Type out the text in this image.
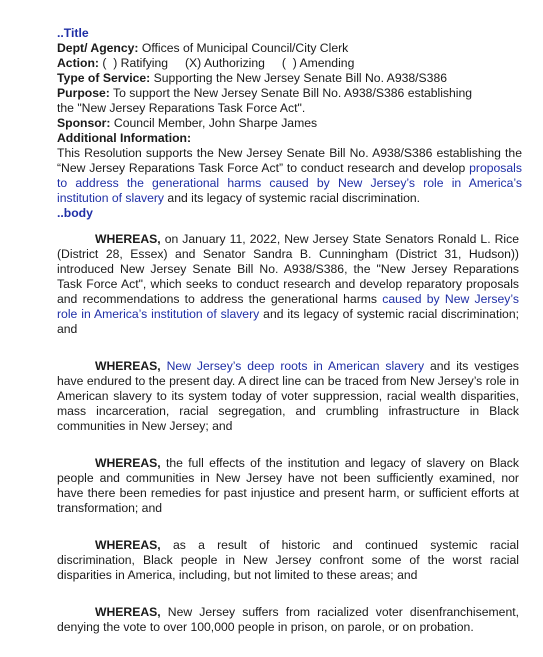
..Title
Dept/ Agency: Offices of Municipal Council/City Clerk
Action: (  ) Ratifying     (X) Authorizing     (  ) Amending
Type of Service: Supporting the New Jersey Senate Bill No. A938/S386
Purpose: To support the New Jersey Senate Bill No. A938/S386 establishing
the "New Jersey Reparations Task Force Act".
Sponsor: Council Member, John Sharpe James
Additional Information:

This Resolution supports the New Jersey Senate Bill No. A938/S386 establishing the “New Jersey Reparations Task Force Act” to conduct research and develop proposals to address the generational harms caused by New Jersey’s role in America’s institution of slavery and its legacy of systemic racial discrimination.

..body

WHEREAS, on January 11, 2022, New Jersey State Senators Ronald L. Rice (District 28, Essex) and Senator Sandra B. Cunningham (District 31, Hudson)) introduced New Jersey Senate Bill No. A938/S386, the "New Jersey Reparations Task Force Act", which seeks to conduct research and develop reparatory proposals and recommendations to address the generational harms caused by New Jersey’s role in America’s institution of slavery and its legacy of systemic racial discrimination; and

WHEREAS, New Jersey’s deep roots in American slavery and its vestiges have endured to the present day. A direct line can be traced from New Jersey’s role in American slavery to its system today of voter suppression, racial wealth disparities, mass incarceration, racial segregation, and crumbling infrastructure in Black communities in New Jersey; and

WHEREAS, the full effects of the institution and legacy of slavery on Black people and communities in New Jersey have not been sufficiently examined, nor have there been remedies for past injustice and present harm, or sufficient efforts at transformation; and

WHEREAS, as a result of historic and continued systemic racial discrimination, Black people in New Jersey confront some of the worst racial disparities in America, including, but not limited to these areas; and

WHEREAS, New Jersey suffers from racialized voter disenfranchisement, denying the vote to over 100,000 people in prison, on parole, or on probation.
